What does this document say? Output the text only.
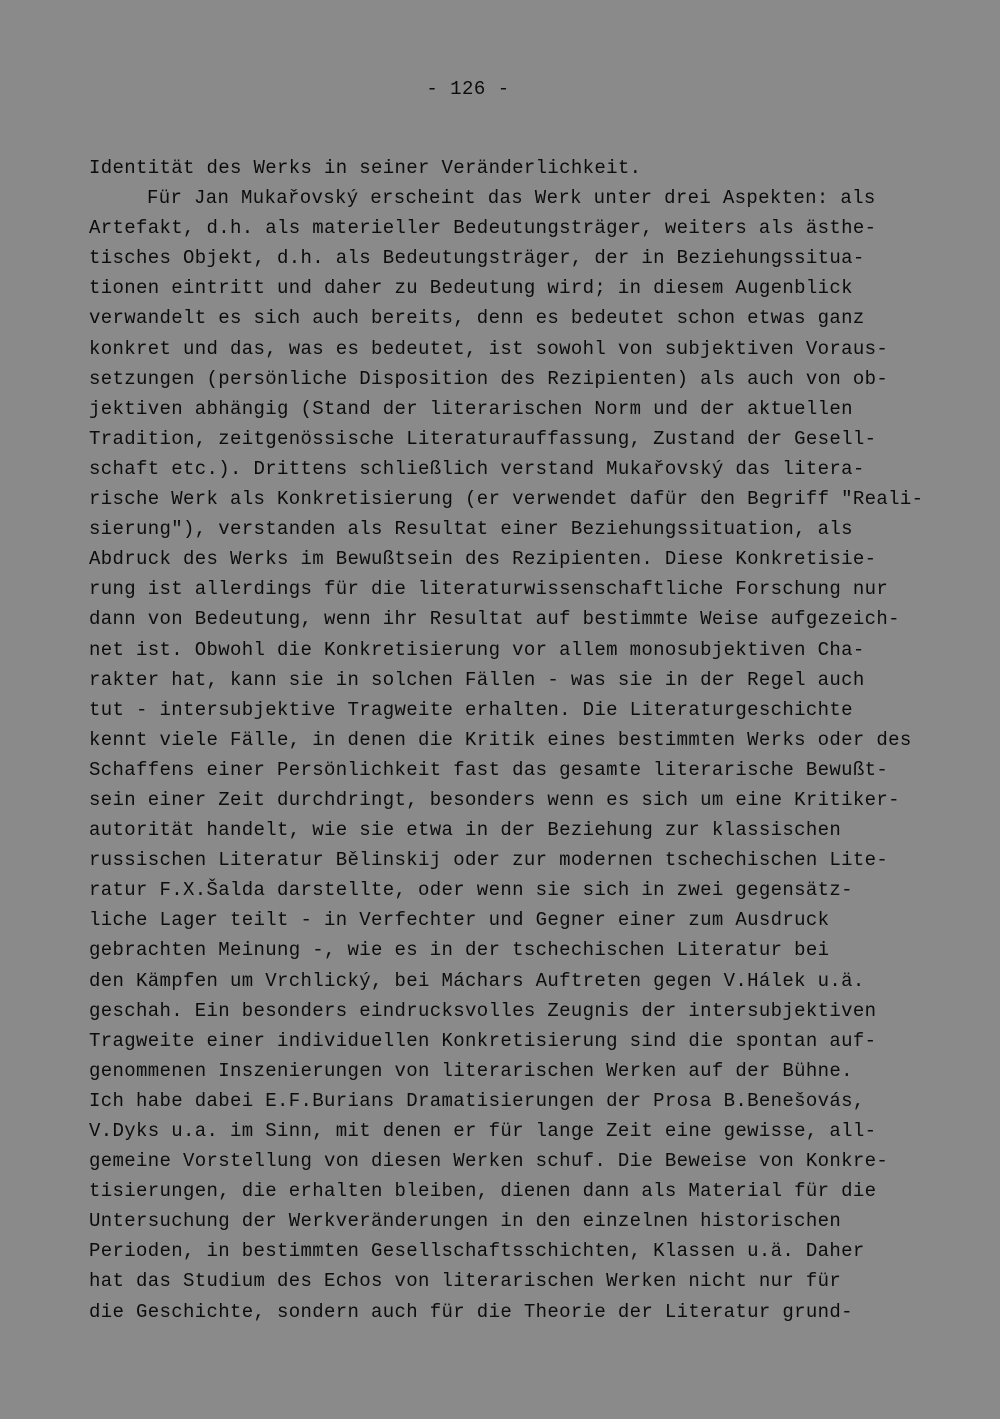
- 126 -
Identität des Werks in seiner Veränderlichkeit.
Für Jan Mukařovský erscheint das Werk unter drei Aspekten: als
Artefakt, d.h. als materieller Bedeutungsträger, weiters als ästhe-
tisches Objekt, d.h. als Bedeutungsträger, der in Beziehungssitua-
tionen eintritt und daher zu Bedeutung wird; in diesem Augenblick
verwandelt es sich auch bereits, denn es bedeutet schon etwas ganz
konkret und das, was es bedeutet, ist sowohl von subjektiven Voraus-
setzungen (persönliche Disposition des Rezipienten) als auch von ob-
jektiven abhängig (Stand der literarischen Norm und der aktuellen
Tradition, zeitgenössische Literaturauffassung, Zustand der Gesell-
schaft etc.). Drittens schließlich verstand Mukařovský das litera-
rische Werk als Konkretisierung (er verwendet dafür den Begriff "Reali-
sierung"), verstanden als Resultat einer Beziehungssituation, als
Abdruck des Werks im Bewußtsein des Rezipienten. Diese Konkretisie-
rung ist allerdings für die literaturwissenschaftliche Forschung nur
dann von Bedeutung, wenn ihr Resultat auf bestimmte Weise aufgezeich-
net ist. Obwohl die Konkretisierung vor allem monosubjektiven Cha-
rakter hat, kann sie in solchen Fällen - was sie in der Regel auch
tut - intersubjektive Tragweite erhalten. Die Literaturgeschichte
kennt viele Fälle, in denen die Kritik eines bestimmten Werks oder des
Schaffens einer Persönlichkeit fast das gesamte literarische Bewußt-
sein einer Zeit durchdringt, besonders wenn es sich um eine Kritiker-
autorität handelt, wie sie etwa in der Beziehung zur klassischen
russischen Literatur Bělinskij oder zur modernen tschechischen Lite-
ratur F.X.Šalda darstellte, oder wenn sie sich in zwei gegensätz-
liche Lager teilt - in Verfechter und Gegner einer zum Ausdruck
gebrachten Meinung -, wie es in der tschechischen Literatur bei
den Kämpfen um Vrchlický, bei Máchars Auftreten gegen V.Hálek u.ä.
geschah. Ein besonders eindrucksvolles Zeugnis der intersubjektiven
Tragweite einer individuellen Konkretisierung sind die spontan auf-
genommenen Inszenierungen von literarischen Werken auf der Bühne.
Ich habe dabei E.F.Burians Dramatisierungen der Prosa B.Benešovás,
V.Dyks u.a. im Sinn, mit denen er für lange Zeit eine gewisse, all-
gemeine Vorstellung von diesen Werken schuf. Die Beweise von Konkre-
tisierungen, die erhalten bleiben, dienen dann als Material für die
Untersuchung der Werkveränderungen in den einzelnen historischen
Perioden, in bestimmten Gesellschaftsschichten, Klassen u.ä. Daher
hat das Studium des Echos von literarischen Werken nicht nur für
die Geschichte, sondern auch für die Theorie der Literatur grund-
